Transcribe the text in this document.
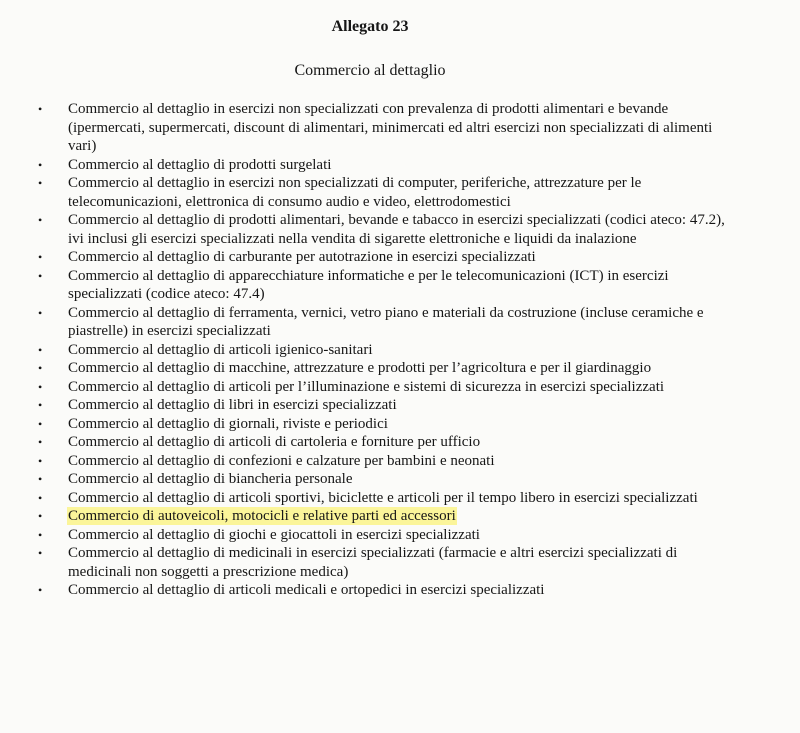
Allegato 23
Commercio al dettaglio
• Commercio al dettaglio in esercizi non specializzati con prevalenza di prodotti alimentari e bevande (ipermercati, supermercati, discount di alimentari, minimercati ed altri esercizi non specializzati di alimenti vari)
• Commercio al dettaglio di prodotti surgelati
• Commercio al dettaglio in esercizi non specializzati di computer, periferiche, attrezzature per le telecomunicazioni, elettronica di consumo audio e video, elettrodomestici
• Commercio al dettaglio di prodotti alimentari, bevande e tabacco in esercizi specializzati (codici ateco: 47.2), ivi inclusi gli esercizi specializzati nella vendita di sigarette elettroniche e liquidi da inalazione
• Commercio al dettaglio di carburante per autotrazione in esercizi specializzati
• Commercio al dettaglio di apparecchiature informatiche e per le telecomunicazioni (ICT) in esercizi specializzati (codice ateco: 47.4)
• Commercio al dettaglio di ferramenta, vernici, vetro piano e materiali da costruzione (incluse ceramiche e piastrelle) in esercizi specializzati
• Commercio al dettaglio di articoli igienico-sanitari
• Commercio al dettaglio di macchine, attrezzature e prodotti per l’agricoltura e per il giardinaggio
• Commercio al dettaglio di articoli per l’illuminazione e sistemi di sicurezza in esercizi specializzati
• Commercio al dettaglio di libri in esercizi specializzati
• Commercio al dettaglio di giornali, riviste e periodici
• Commercio al dettaglio di articoli di cartoleria e forniture per ufficio
• Commercio al dettaglio di confezioni e calzature per bambini e neonati
• Commercio al dettaglio di biancheria personale
• Commercio al dettaglio di articoli sportivi, biciclette e articoli per il tempo libero in esercizi specializzati
• Commercio di autoveicoli, motocicli e relative parti ed accessori
• Commercio al dettaglio di giochi e giocattoli in esercizi specializzati
• Commercio al dettaglio di medicinali in esercizi specializzati (farmacie e altri esercizi specializzati di medicinali non soggetti a prescrizione medica)
• Commercio al dettaglio di articoli medicali e ortopedici in esercizi specializzati
